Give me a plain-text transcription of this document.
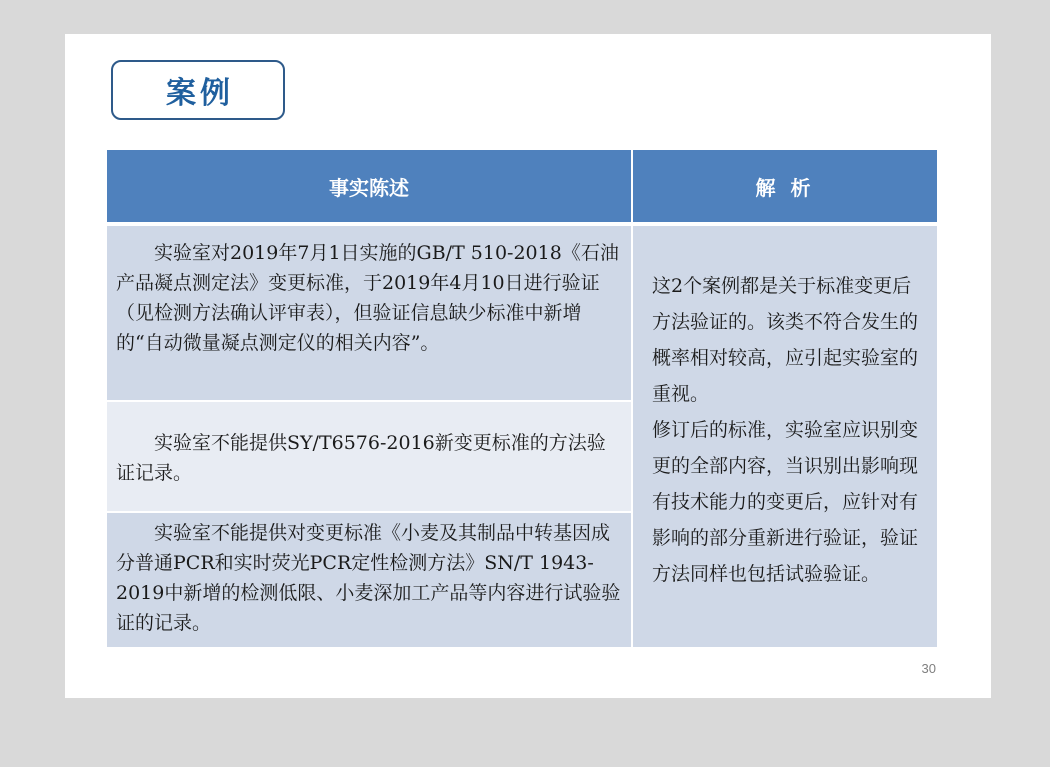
案例
事实陈述	解 析
实验室对2019年7月1日实施的GB/T 510-2018《石油产品凝点测定法》变更标准，于2019年4月10日进行验证（见检测方法确认评审表），但验证信息缺少标准中新增的“自动微量凝点测定仪的相关内容”。
实验室不能提供SY/T6576-2016新变更标准的方法验证记录。
实验室不能提供对变更标准《小麦及其制品中转基因成分普通PCR和实时荧光PCR定性检测方法》SN/T 1943-2019中新增的检测低限、小麦深加工产品等内容进行试验验证的记录。

这2个案例都是关于标准变更后方法验证的。该类不符合发生的概率相对较高，应引起实验室的重视。

修订后的标准，实验室应识别变更的全部内容，当识别出影响现有技术能力的变更后，应针对有影响的部分重新进行验证，验证方法同样也包括试验验证。

30
